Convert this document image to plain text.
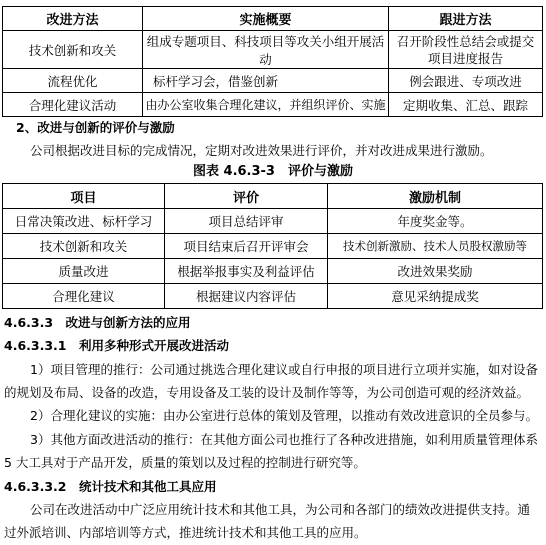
改进方法	实施概要	跟进方法
技术创新和攻关	组成专题项目、科技项目等攻关小组开展活动	召开阶段性总结会或提交项目进度报告
流程优化	标杆学习会，借鉴创新	例会跟进、专项改进
合理化建议活动	由办公室收集合理化建议，并组织评价、实施	定期收集、汇总、跟踪
2、改进与创新的评价与激励
公司根据改进目标的完成情况，定期对改进效果进行评价，并对改进成果进行激励。
图表 4.6.3-3　评价与激励
项目	评价	激励机制
日常决策改进、标杆学习	项目总结评审	年度奖金等。
技术创新和攻关	项目结束后召开评审会	技术创新激励、技术人员股权激励等
质量改进	根据举报事实及利益评估	改进效果奖励
合理化建议	根据建议内容评估	意见采纳提成奖
4.6.3.3　改进与创新方法的应用
4.6.3.3.1　利用多种形式开展改进活动
1）项目管理的推行：公司通过挑选合理化建议或自行申报的项目进行立项并实施，如对设备
的规划及布局、设备的改造，专用设备及工装的设计及制作等等，为公司创造可观的经济效益。
2）合理化建议的实施：由办公室进行总体的策划及管理，以推动有效改进意识的全员参与。
3）其他方面改进活动的推行：在其他方面公司也推行了各种改进措施，如利用质量管理体系
5 大工具对于产品开发，质量的策划以及过程的控制进行研究等。
4.6.3.3.2　统计技术和其他工具应用
公司在改进活动中广泛应用统计技术和其他工具，为公司和各部门的绩效改进提供支持。通
过外派培训、内部培训等方式，推进统计技术和其他工具的应用。
